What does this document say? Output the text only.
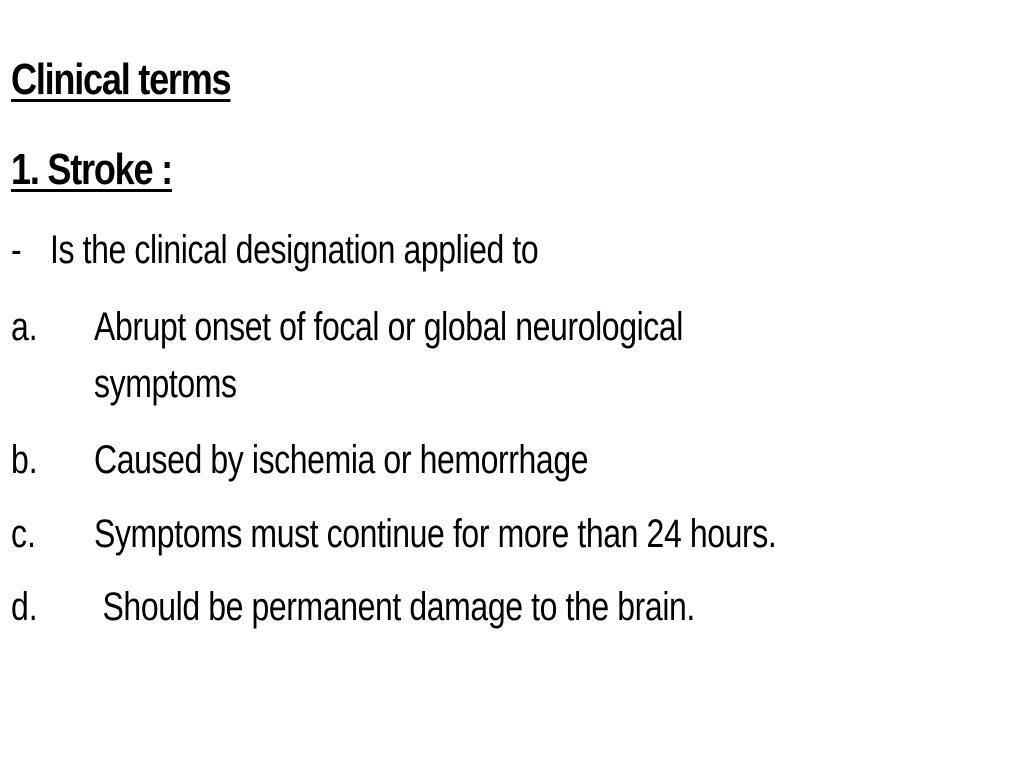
Clinical terms
1. Stroke :
- Is the clinical designation applied to
a. Abrupt onset of focal or global neurological
symptoms
b. Caused by ischemia or hemorrhage
c. Symptoms must continue for more than 24 hours.
d. Should be permanent damage to the brain.
